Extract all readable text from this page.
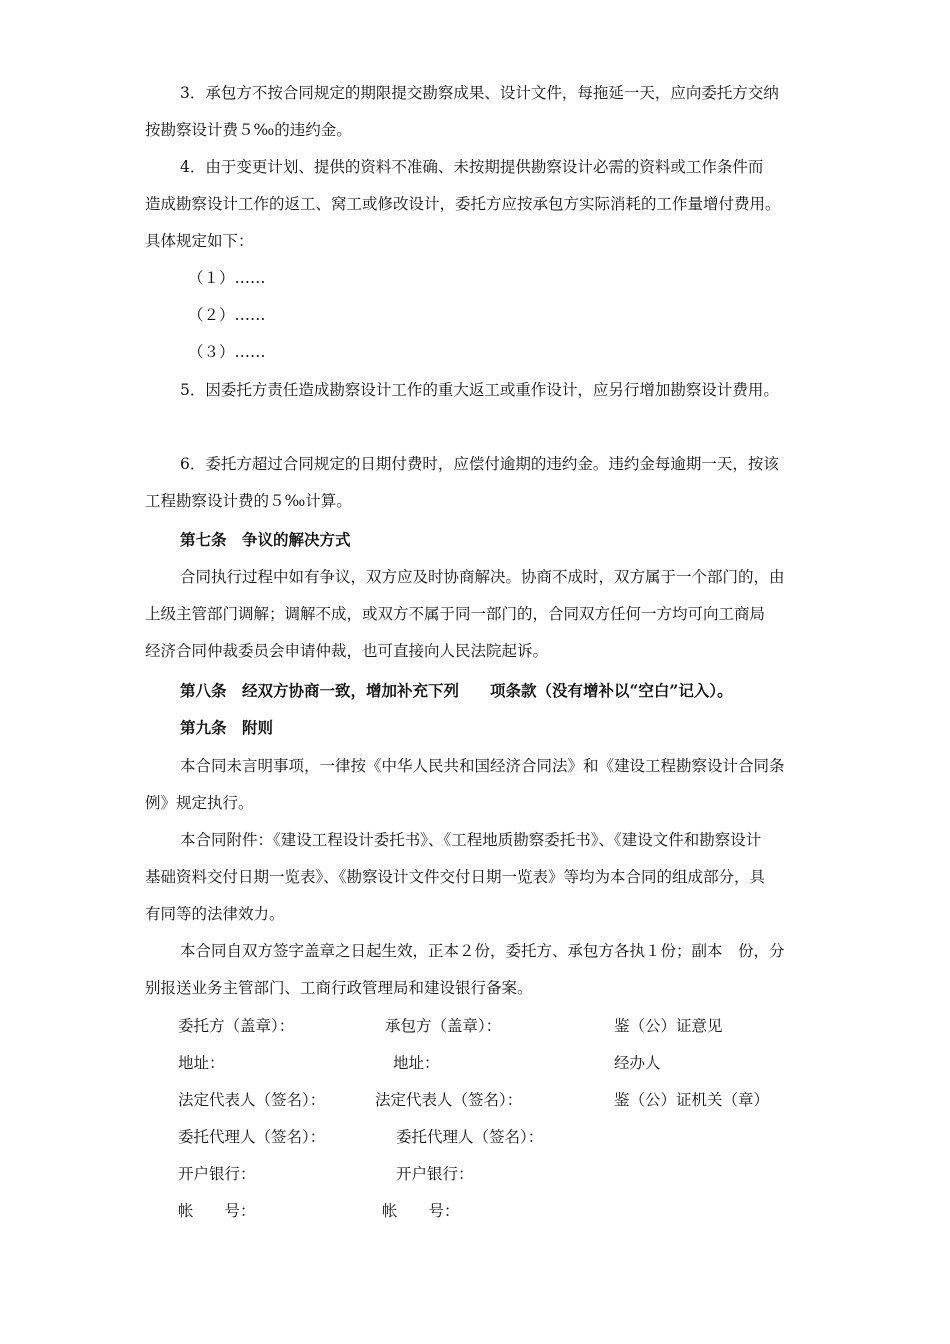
3．承包方不按合同规定的期限提交勘察成果、设计文件，每拖延一天，应向委托方交纳
按勘察设计费５‰的违约金。
4．由于变更计划、提供的资料不准确、未按期提供勘察设计必需的资料或工作条件而
造成勘察设计工作的返工、窝工或修改设计，委托方应按承包方实际消耗的工作量增付费用。
具体规定如下：
（１）……
（２）……
（３）……
5．因委托方责任造成勘察设计工作的重大返工或重作设计，应另行增加勘察设计费用。
6．委托方超过合同规定的日期付费时，应偿付逾期的违约金。违约金每逾期一天，按该
工程勘察设计费的５‰计算。
第七条　争议的解决方式
合同执行过程中如有争议，双方应及时协商解决。协商不成时，双方属于一个部门的，由
上级主管部门调解；调解不成，或双方不属于同一部门的，合同双方任何一方均可向工商局
经济合同仲裁委员会申请仲裁，也可直接向人民法院起诉。
第八条　经双方协商一致，增加补充下列　　项条款（没有增补以“空白”记入）。
第九条　附则
本合同未言明事项，一律按《中华人民共和国经济合同法》和《建设工程勘察设计合同条
例》规定执行。
本合同附件：《建设工程设计委托书》、《工程地质勘察委托书》、《建设文件和勘察设计
基础资料交付日期一览表》、《勘察设计文件交付日期一览表》等均为本合同的组成部分，具
有同等的法律效力。
本合同自双方签字盖章之日起生效，正本２份，委托方、承包方各执１份；副本　份，分
别报送业务主管部门、工商行政管理局和建设银行备案。
委托方（盖章）：
地址：
法定代表人（签名）：
委托代理人（签名）：
开户银行：
帐　　号：
承包方（盖章）：
地址：
法定代表人（签名）：
委托代理人（签名）：
开户银行：
帐　　号：
鉴（公）证意见
经办人
鉴（公）证机关（章）
